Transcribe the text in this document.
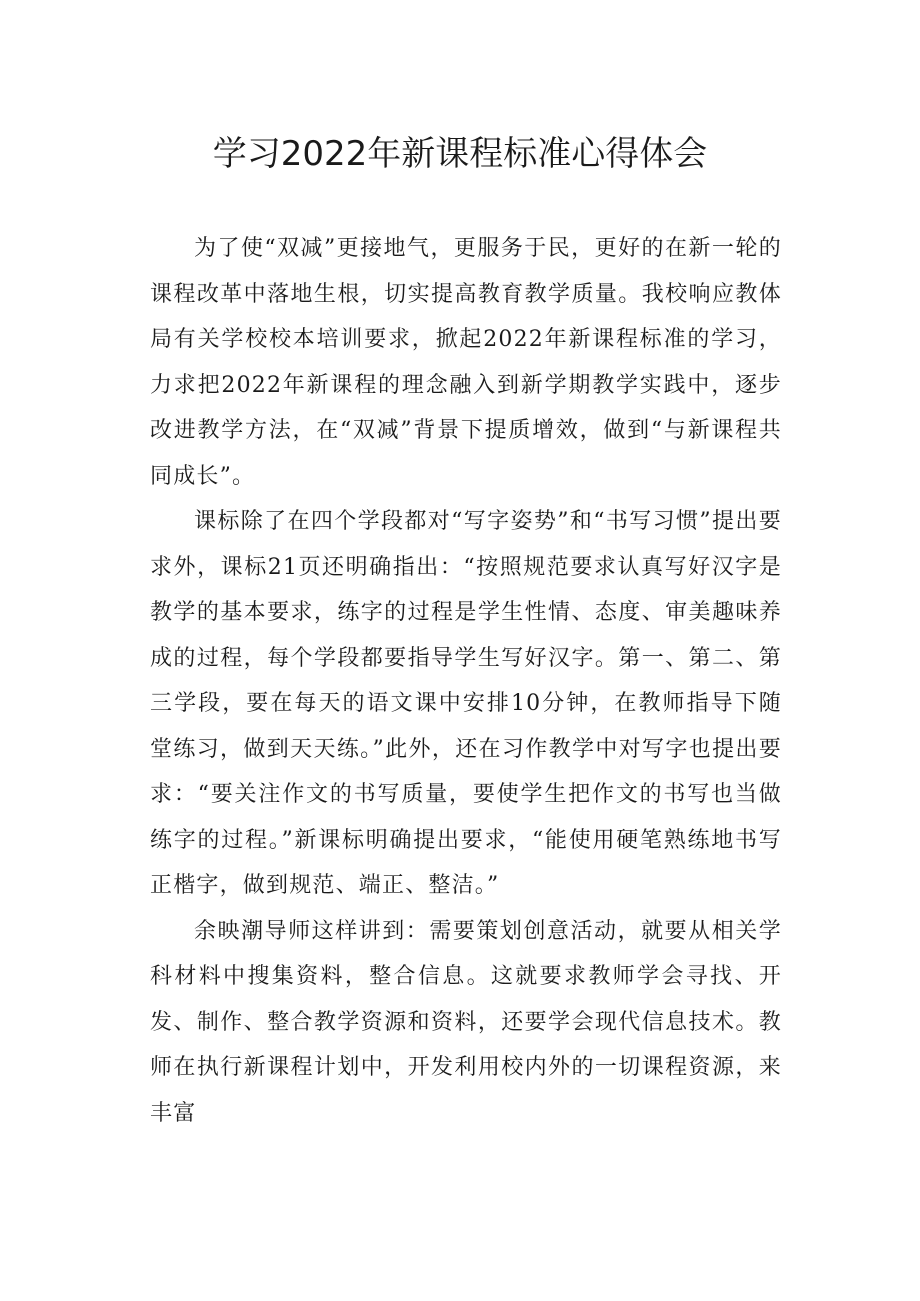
学习2022年新课程标准心得体会

为了使“双减”更接地气，更服务于民，更好的在新一轮的课程改革中落地生根，切实提高教育教学质量。我校响应教体局有关学校校本培训要求，掀起2022年新课程标准的学习，力求把2022年新课程的理念融入到新学期教学实践中，逐步改进教学方法，在“双减”背景下提质增效，做到“与新课程共同成长”。

课标除了在四个学段都对“写字姿势”和“书写习惯”提出要求外，课标21页还明确指出：“按照规范要求认真写好汉字是教学的基本要求，练字的过程是学生性情、态度、审美趣味养成的过程，每个学段都要指导学生写好汉字。第一、第二、第三学段，要在每天的语文课中安排10分钟，在教师指导下随堂练习，做到天天练。”此外，还在习作教学中对写字也提出要求：“要关注作文的书写质量，要使学生把作文的书写也当做练字的过程。”新课标明确提出要求，“能使用硬笔熟练地书写正楷字，做到规范、端正、整洁。”

余映潮导师这样讲到：需要策划创意活动，就要从相关学科材料中搜集资料，整合信息。这就要求教师学会寻找、开发、制作、整合教学资源和资料，还要学会现代信息技术。教师在执行新课程计划中，开发利用校内外的一切课程资源，来丰富
